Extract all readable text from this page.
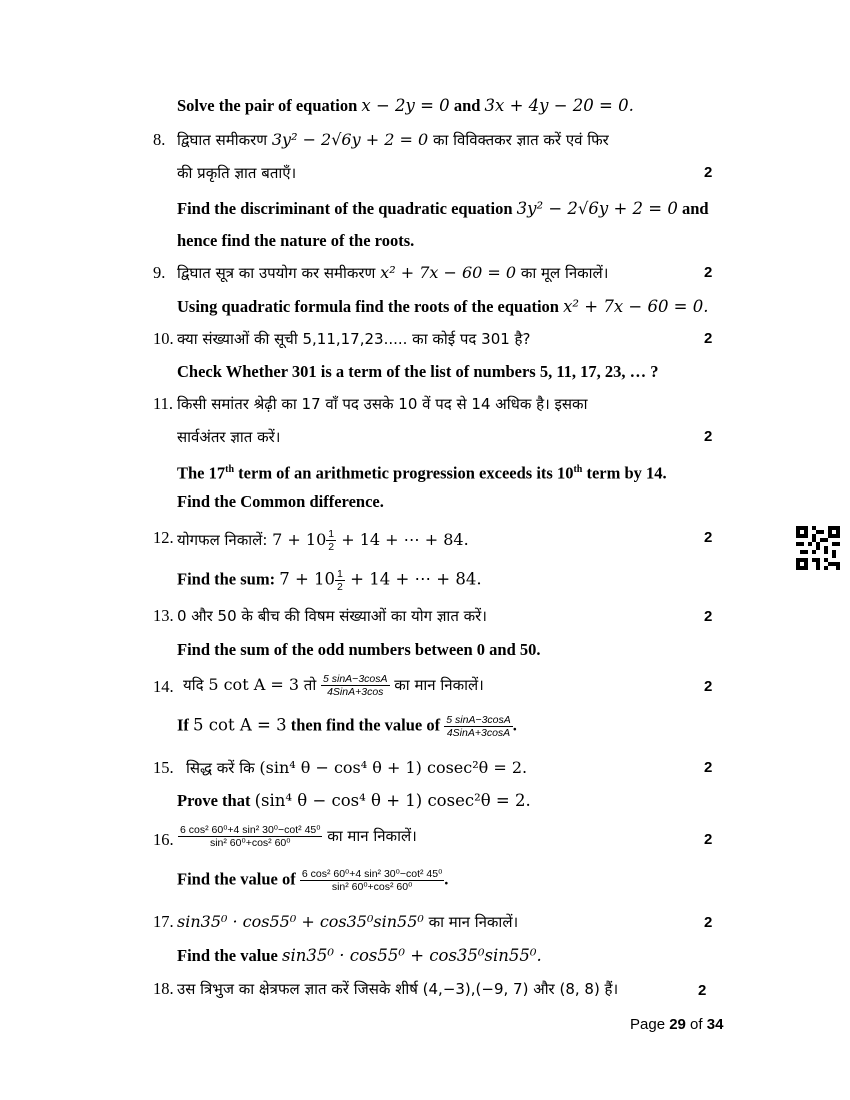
Solve the pair of equation x − 2y = 0 and 3x + 4y − 20 = 0.
8. द्विघात समीकरण 3y² − 2√6y + 2 = 0 का विविक्तकर ज्ञात करें एवं फिर
की प्रकृति ज्ञात बताएँ।	2
Find the discriminant of the quadratic equation 3y² − 2√6y + 2 = 0 and
hence find the nature of the roots.
9. द्विघात सूत्र का उपयोग कर समीकरण x² + 7x − 60 = 0 का मूल निकालें।	2
Using quadratic formula find the roots of the equation x² + 7x − 60 = 0.
10. क्या संख्याओं की सूची 5,11,17,23..... का कोई पद 301 है?	2
Check Whether 301 is a term of the list of numbers 5, 11, 17, 23, … ?
11. किसी समांतर श्रेढ़ी का 17 वाँ पद उसके 10 वें पद से 14 अधिक है। इसका
सार्वअंतर ज्ञात करें।	2
The 17th term of an arithmetic progression exceeds its 10th term by 14.
Find the Common difference.
12. योगफल निकालें: $7 + 10 \frac{1}{2} + 14$ + ⋯ + 84.	2
Find the sum: $7 + 10 \frac{1}{2} + 14$ + ⋯ + 84.
13. 0 और 50 के बीच की विषम संख्याओं का योग ज्ञात करें।	2
Find the sum of the odd numbers between 0 and 50.
14. यदि 5 cot A = 3 तो $\frac{5 \sin A-3\cos A}{\text{4SinA+3cos}}$ का मान निकालें।	2
If 5 cot A = 3 then find the value of $\frac{5 \sin A-3\cos A}{\text{4SinA+3cosA}}$ .
15. सिद्ध करें कि (sin⁴ θ − cos⁴ θ + 1) cosec²θ = 2.	2
Prove that (sin⁴ θ − cos⁴ θ + 1) cosec²θ = 2.
16. $\frac{\text{6 cos² 60⁰+4 sin² 30⁰−cot² 45⁰}}{\text{sin² 60⁰+cos² 60⁰}}$ का मान निकालें।	2
Find the value of $\frac{\text{6 cos² 60⁰+4 sin² 30⁰−cot² 45⁰}}{\text{sin² 60⁰+cos² 60⁰}}$ .
17. sin35⁰ · cos55⁰ + cos35⁰sin55⁰ का मान निकालें।	2
Find the value sin35⁰ · cos55⁰ + cos35⁰sin55⁰.
18. उस त्रिभुज का क्षेत्रफल ज्ञात करें जिसके शीर्ष (4,−3),(−9, 7) और (8, 8) हैं।	2
Page 29 of 34
